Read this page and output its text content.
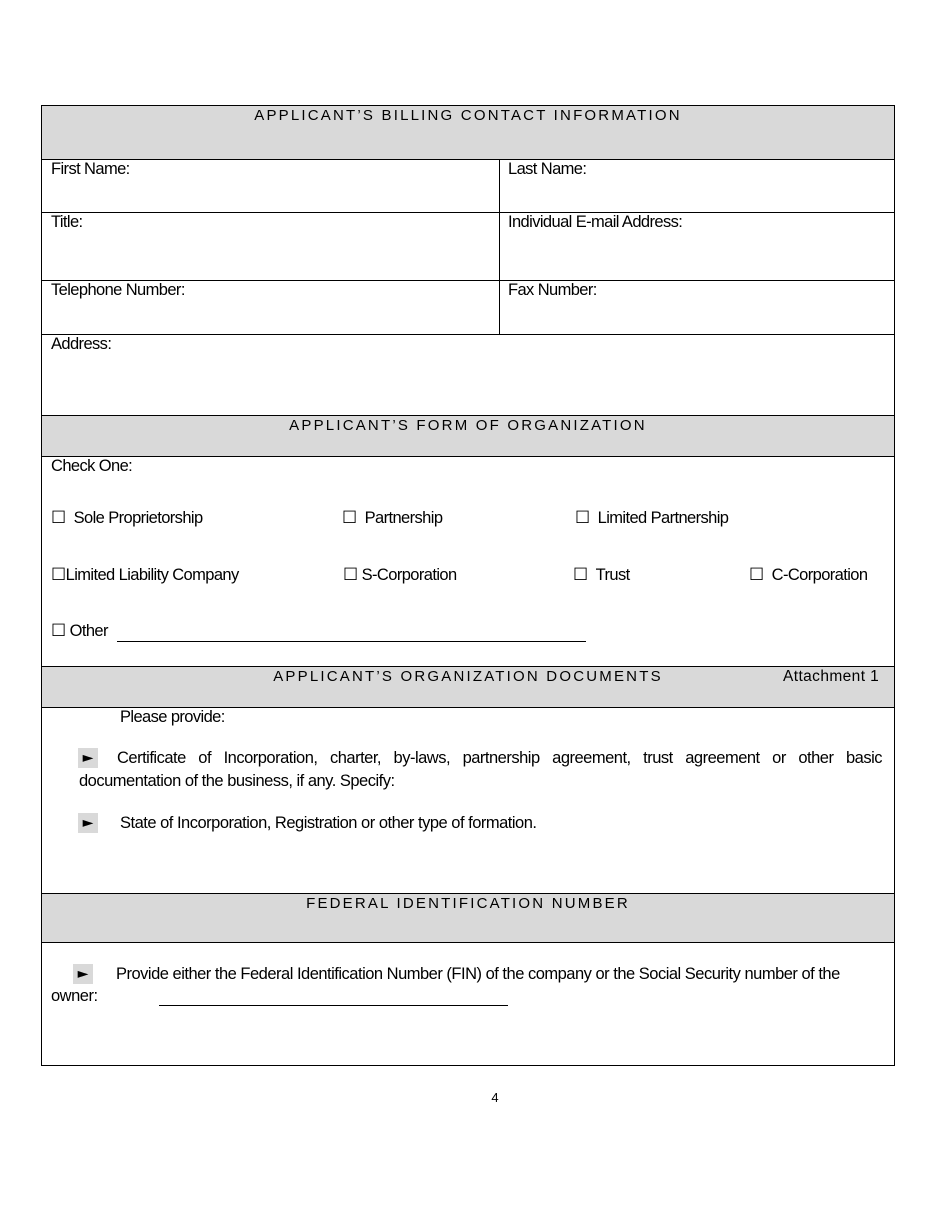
APPLICANT’S BILLING CONTACT INFORMATION
First Name:	Last Name:
Title:	Individual E-mail Address:
Telephone Number:	Fax Number:
Address:
APPLICANT’S FORM OF ORGANIZATION
Check One:
☐ Sole Proprietorship	☐ Partnership	☐ Limited Partnership
☐Limited Liability Company	☐ S-Corporation	☐ Trust	☐ C-Corporation
☐ Other
APPLICANT’S ORGANIZATION DOCUMENTS	Attachment 1
Please provide:
►	Certificate of Incorporation, charter, by-laws, partnership agreement, trust agreement or other basic documentation of the business, if any. Specify:
► State of Incorporation, Registration or other type of formation.
FEDERAL IDENTIFICATION NUMBER
►	Provide either the Federal Identification Number (FIN) of the company or the Social Security number of the owner:
4
